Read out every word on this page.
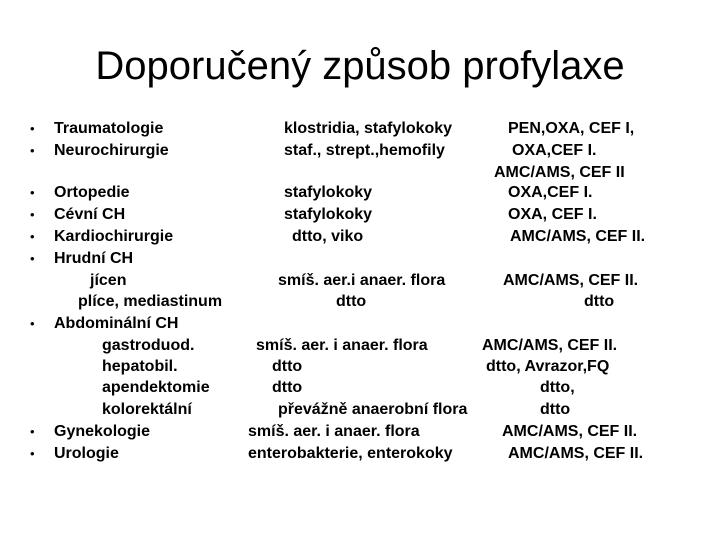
Doporučený způsob profylaxe
• Traumatologie	klostridia, stafylokoky	PEN,OXA, CEF I,
• Neurochirurgie	staf., strept.,hemofily	OXA,CEF I.
AMC/AMS, CEF II
• Ortopedie	stafylokoky	OXA,CEF I.
• Cévní CH	stafylokoky	OXA, CEF I.
• Kardiochirurgie	dtto, viko	AMC/AMS, CEF II.
• Hrudní CH
jícen	smíš. aer.i anaer. flora	AMC/AMS, CEF II.
plíce, mediastinum	dtto	dtto
• Abdominální CH
gastroduod.	smíš. aer. i anaer. flora	AMC/AMS, CEF II.
hepatobil.	dtto	dtto, Avrazor,FQ
apendektomie	dtto	dtto,
kolorektální	převážně anaerobní flora	dtto
• Gynekologie	smíš. aer. i anaer. flora	AMC/AMS, CEF II.
• Urologie	enterobakterie, enterokoky	AMC/AMS, CEF II.
